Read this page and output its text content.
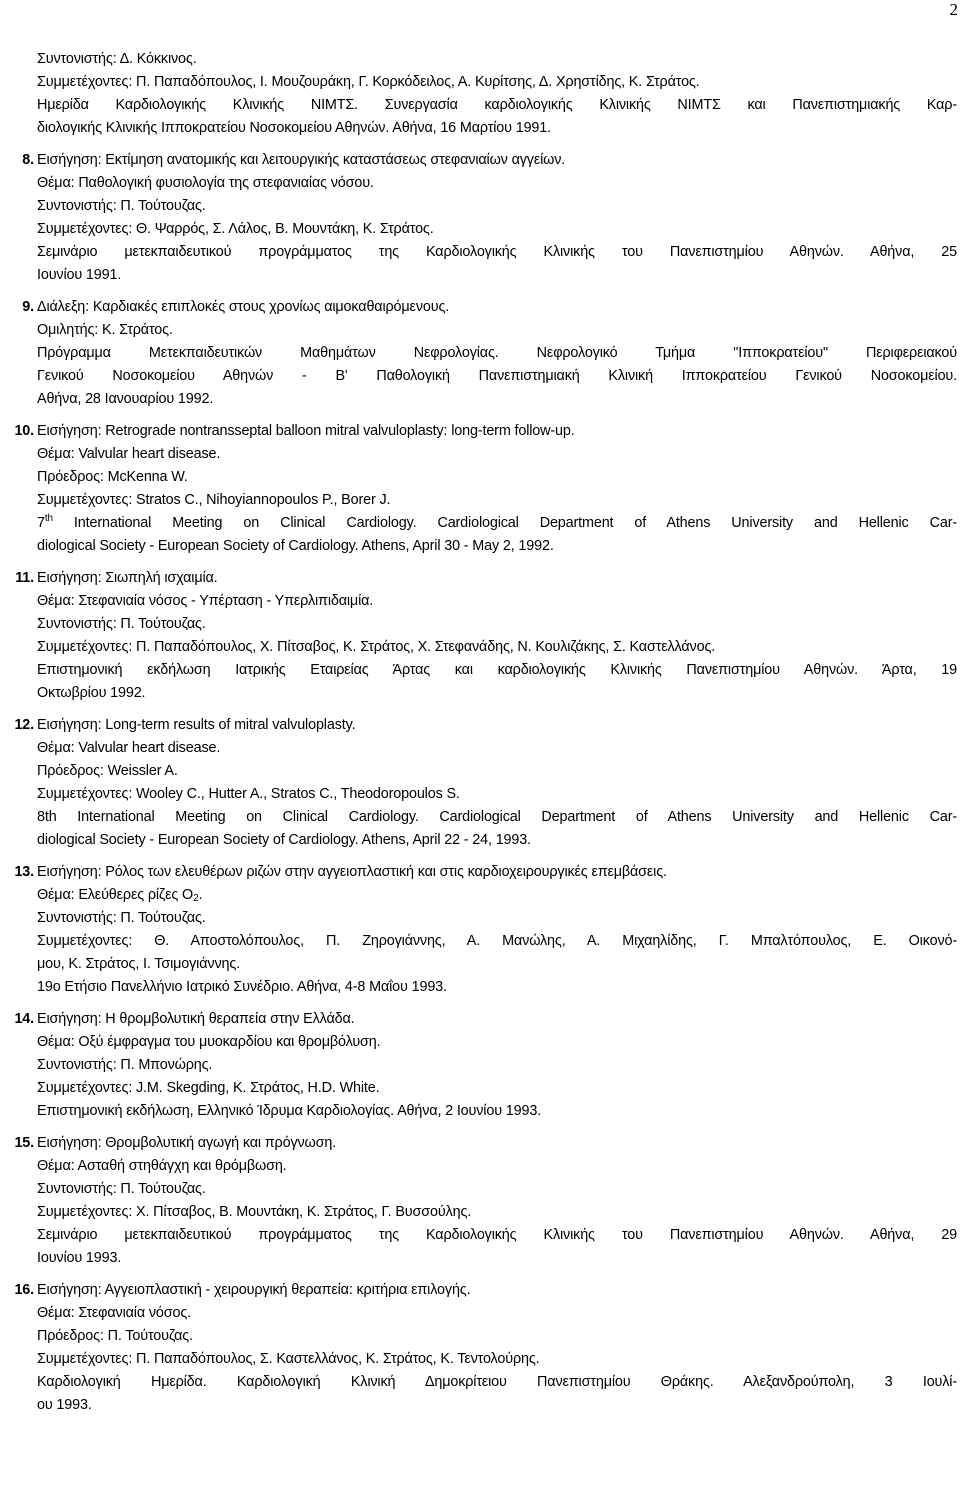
2

Συντονιστής: Δ. Κόκκινος.

Συμμετέχοντες: Π. Παπαδόπουλος, Ι. Μουζουράκη, Γ. Κορκόδειλος, Α. Κυρίτσης, Δ. Χρηστίδης, Κ. Στράτος.

Ημερίδα Καρδιολογικής Κλινικής ΝΙΜΤΣ. Συνεργασία καρδιολογικής Κλινικής ΝΙΜΤΣ και Πανεπιστημιακής Καρ-

διολογικής Κλινικής Ιπποκρατείου Νοσοκομείου Αθηνών. Αθήνα, 16 Μαρτίου 1991.

8. Εισήγηση: Εκτίμηση ανατομικής και λειτουργικής καταστάσεως στεφανιαίων αγγείων.

Θέμα: Παθολογική φυσιολογία της στεφανιαίας νόσου.

Συντονιστής: Π. Τούτουζας.

Συμμετέχοντες: Θ. Ψαρρός, Σ. Λάλος, Β. Μουντάκη, Κ. Στράτος.

Σεμινάριο μετεκπαιδευτικού προγράμματος της Καρδιολογικής Κλινικής του Πανεπιστημίου Αθηνών. Αθήνα, 25

Ιουνίου 1991.

9. Διάλεξη: Καρδιακές επιπλοκές στους χρονίως αιμοκαθαιρόμενους.

Ομιλητής: Κ. Στράτος.

Πρόγραμμα Μετεκπαιδευτικών Μαθημάτων Νεφρολογίας. Νεφρολογικό Τμήμα "Ιπποκρατείου" Περιφερειακού

Γενικού Νοσοκομείου Αθηνών - Β' Παθολογική Πανεπιστημιακή Κλινική Ιπποκρατείου Γενικού Νοσοκομείου.

Αθήνα, 28 Ιανουαρίου 1992.

10. Εισήγηση: Retrograde nontransseptal balloon mitral valvuloplasty: long-term follow-up.

Θέμα: Valvular heart disease.

Πρόεδρος: McKenna W.

Συμμετέχοντες: Stratos C., Nihoyiannopoulos P., Borer J.

7th International Meeting on Clinical Cardiology. Cardiological Department of Athens University and Hellenic Car-

diological Society - European Society of Cardiology. Athens, April 30 - May 2, 1992.

11. Εισήγηση: Σιωπηλή ισχαιμία.

Θέμα: Στεφανιαία νόσος - Υπέρταση - Υπερλιπιδαιμία.

Συντονιστής: Π. Τούτουζας.

Συμμετέχοντες: Π. Παπαδόπουλος, Χ. Πίτσαβος, Κ. Στράτος, Χ. Στεφανάδης, Ν. Κουλιζάκης, Σ. Καστελλάνος.

Επιστημονική εκδήλωση Ιατρικής Εταιρείας Άρτας και καρδιολογικής Κλινικής Πανεπιστημίου Αθηνών. Άρτα, 19

Οκτωβρίου 1992.

12. Εισήγηση: Long-term results of mitral valvuloplasty.

Θέμα: Valvular heart disease.

Πρόεδρος: Weissler A.

Συμμετέχοντες: Wooley C., Hutter A., Stratos C., Theodoropoulos S.

8th International Meeting on Clinical Cardiology. Cardiological Department of Athens University and Hellenic Car-

diological Society - European Society of Cardiology. Athens, April 22 - 24, 1993.

13. Εισήγηση: Ρόλος των ελευθέρων ριζών στην αγγειοπλαστική και στις καρδιοχειρουργικές επεμβάσεις.

Θέμα: Ελεύθερες ρίζες $O_2$.

Συντονιστής: Π. Τούτουζας.

Συμμετέχοντες: Θ. Αποστολόπουλος, Π. Ζηρογιάννης, Α. Μανώλης, Α. Μιχαηλίδης, Γ. Μπαλτόπουλος, Ε. Οικονό-

μου, Κ. Στράτος, Ι. Τσιμογιάννης.

19ο Ετήσιο Πανελλήνιο Ιατρικό Συνέδριο. Αθήνα, 4-8 Μαΐου 1993.

14. Εισήγηση: Η θρομβολυτική θεραπεία στην Ελλάδα.

Θέμα: Οξύ έμφραγμα του μυοκαρδίου και θρομβόλυση.

Συντονιστής: Π. Μπονώρης.

Συμμετέχοντες: J.M. Skegding, Κ. Στράτος, H.D. White.

Επιστημονική εκδήλωση, Ελληνικό Ίδρυμα Καρδιολογίας. Αθήνα, 2 Ιουνίου 1993.

15. Εισήγηση: Θρομβολυτική αγωγή και πρόγνωση.

Θέμα: Ασταθή στηθάγχη και θρόμβωση.

Συντονιστής: Π. Τούτουζας.

Συμμετέχοντες: Χ. Πίτσαβος, Β. Μουντάκη, Κ. Στράτος, Γ. Βυσσούλης.

Σεμινάριο μετεκπαιδευτικού προγράμματος της Καρδιολογικής Κλινικής του Πανεπιστημίου Αθηνών. Αθήνα, 29

Ιουνίου 1993.

16. Εισήγηση: Αγγειοπλαστική - χειρουργική θεραπεία: κριτήρια επιλογής.

Θέμα: Στεφανιαία νόσος.

Πρόεδρος: Π. Τούτουζας.

Συμμετέχοντες: Π. Παπαδόπουλος, Σ. Καστελλάνος, Κ. Στράτος, Κ. Τεντολούρης.

Καρδιολογική Ημερίδα. Καρδιολογική Κλινική Δημοκρίτειου Πανεπιστημίου Θράκης. Αλεξανδρούπολη, 3 Ιουλί-

ου 1993.
